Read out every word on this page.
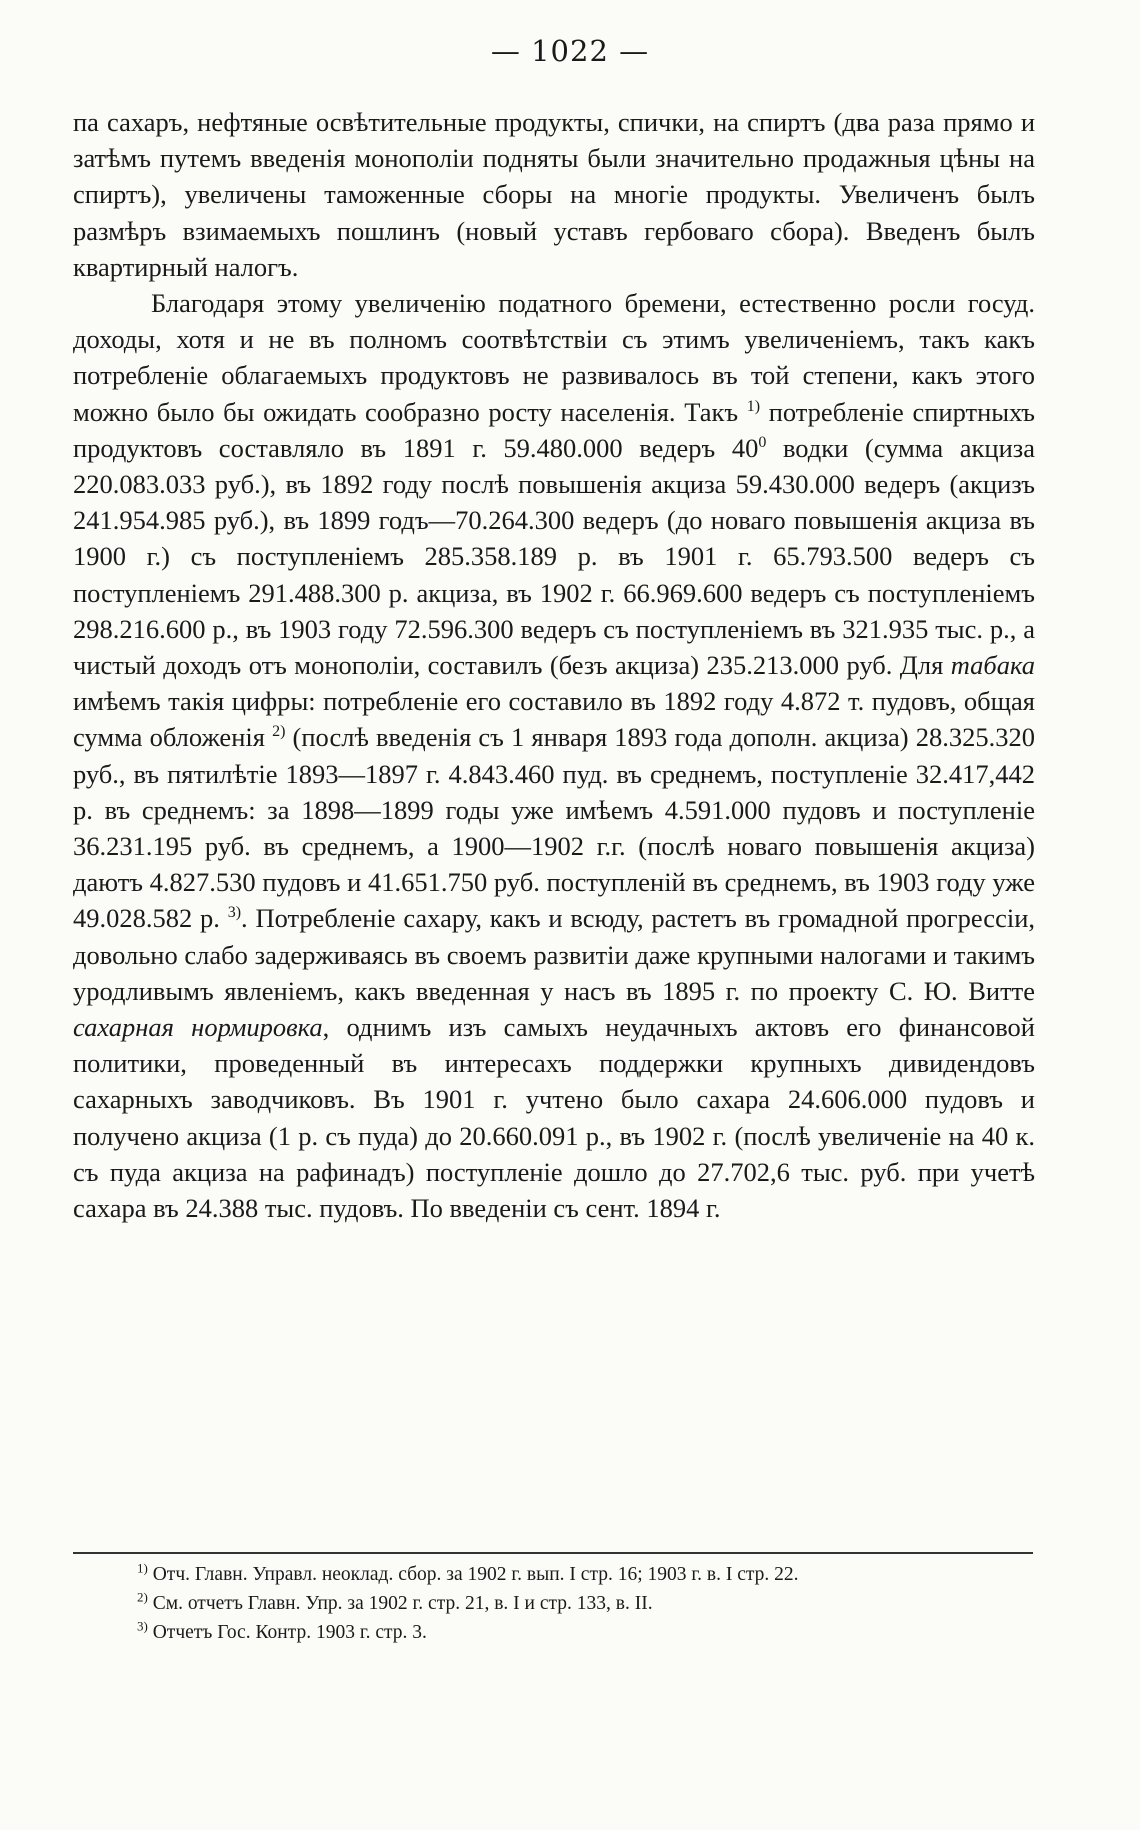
— 1022 —

па сахаръ, нефтяные освѣтительные продукты, спички, на спиртъ (два раза прямо и затѣмъ путемъ введенія монополіи подняты были значительно продажныя цѣны на спиртъ), увеличены таможенные сборы на многіе продукты. Увеличенъ былъ размѣръ взимаемыхъ пошлинъ (новый уставъ гербоваго сбора). Введенъ былъ квартирный налогъ.

Благодаря этому увеличенію податного бремени, естественно росли госуд. доходы, хотя и не въ полномъ соотвѣтствіи съ этимъ увеличеніемъ, такъ какъ потребленіе облагаемыхъ продуктовъ не развивалось въ той степени, какъ этого можно было бы ожидать сообразно росту населенія. Такъ $^{1)}$ потребленіе спиртныхъ продуктовъ составляло въ 1891 г. 59.480.000 ведеръ $40^0$ водки (сумма акциза 220.083.033 руб.), въ 1892 году послѣ повышенія акциза 59.430.000 ведеръ (акцизъ 241.954.985 руб.), въ 1899 годъ—70.264.300 ведеръ (до новаго повышенія акциза въ 1900 г.) съ поступленіемъ 285.358.189 р. въ 1901 г. 65.793.500 ведеръ съ поступленіемъ 291.488.300 р. акциза, въ 1902 г. 66.969.600 ведеръ съ поступленіемъ 298.216.600 р., въ 1903 году 72.596.300 ведеръ съ поступленіемъ въ 321.935 тыс. р., а чистый доходъ отъ монополіи, составилъ (безъ акциза) 235.213.000 руб. Для табака имѣемъ такія цифры: потребленіе его составило въ 1892 году 4.872 т. пудовъ, общая сумма обложенія $^{2)}$ (послѣ введенія съ 1 января 1893 года дополн. акциза) 28.325.320 руб., въ пятилѣтіе 1893—1897 г. 4.843.460 пуд. въ среднемъ, поступленіе 32.417,442 р. въ среднемъ: за 1898—1899 годы уже имѣемъ 4.591.000 пудовъ и поступленіе 36.231.195 руб. въ среднемъ, а 1900—1902 г.г. (послѣ новаго повышенія акциза) даютъ 4.827.530 пудовъ и 41.651.750 руб. поступленій въ среднемъ, въ 1903 году уже 49.028.582 р. $^{3)}$. Потребленіе сахару, какъ и всюду, растетъ въ громадной прогрессіи, довольно слабо задерживаясь въ своемъ развитіи даже крупными налогами и такимъ уродливымъ явленіемъ, какъ введенная у насъ въ 1895 г. по проекту С. Ю. Витте сахарная нормировка, однимъ изъ самыхъ неудачныхъ актовъ его финансовой политики, проведенный въ интересахъ поддержки крупныхъ дивидендовъ сахарныхъ заводчиковъ. Въ 1901 г. учтено было сахара 24.606.000 пудовъ и получено акциза (1 р. съ пуда) до 20.660.091 р., въ 1902 г. (послѣ увеличеніе на 40 к. съ пуда акциза на рафинадъ) поступленіе дошло до 27.702,6 тыс. руб. при учетѣ сахара въ 24.388 тыс. пудовъ. По введеніи съ сент. 1894 г.

$^{1)}$ Отч. Главн. Управл. неоклад. сбор. за 1902 г. вып. I стр. 16; 1903 г. в. I стр. 22.
$^{2)}$ См. отчетъ Главн. Упр. за 1902 г. стр. 21, в. I и стр. 133, в. II.
$^{3)}$ Отчетъ Гос. Контр. 1903 г. стр. 3.
